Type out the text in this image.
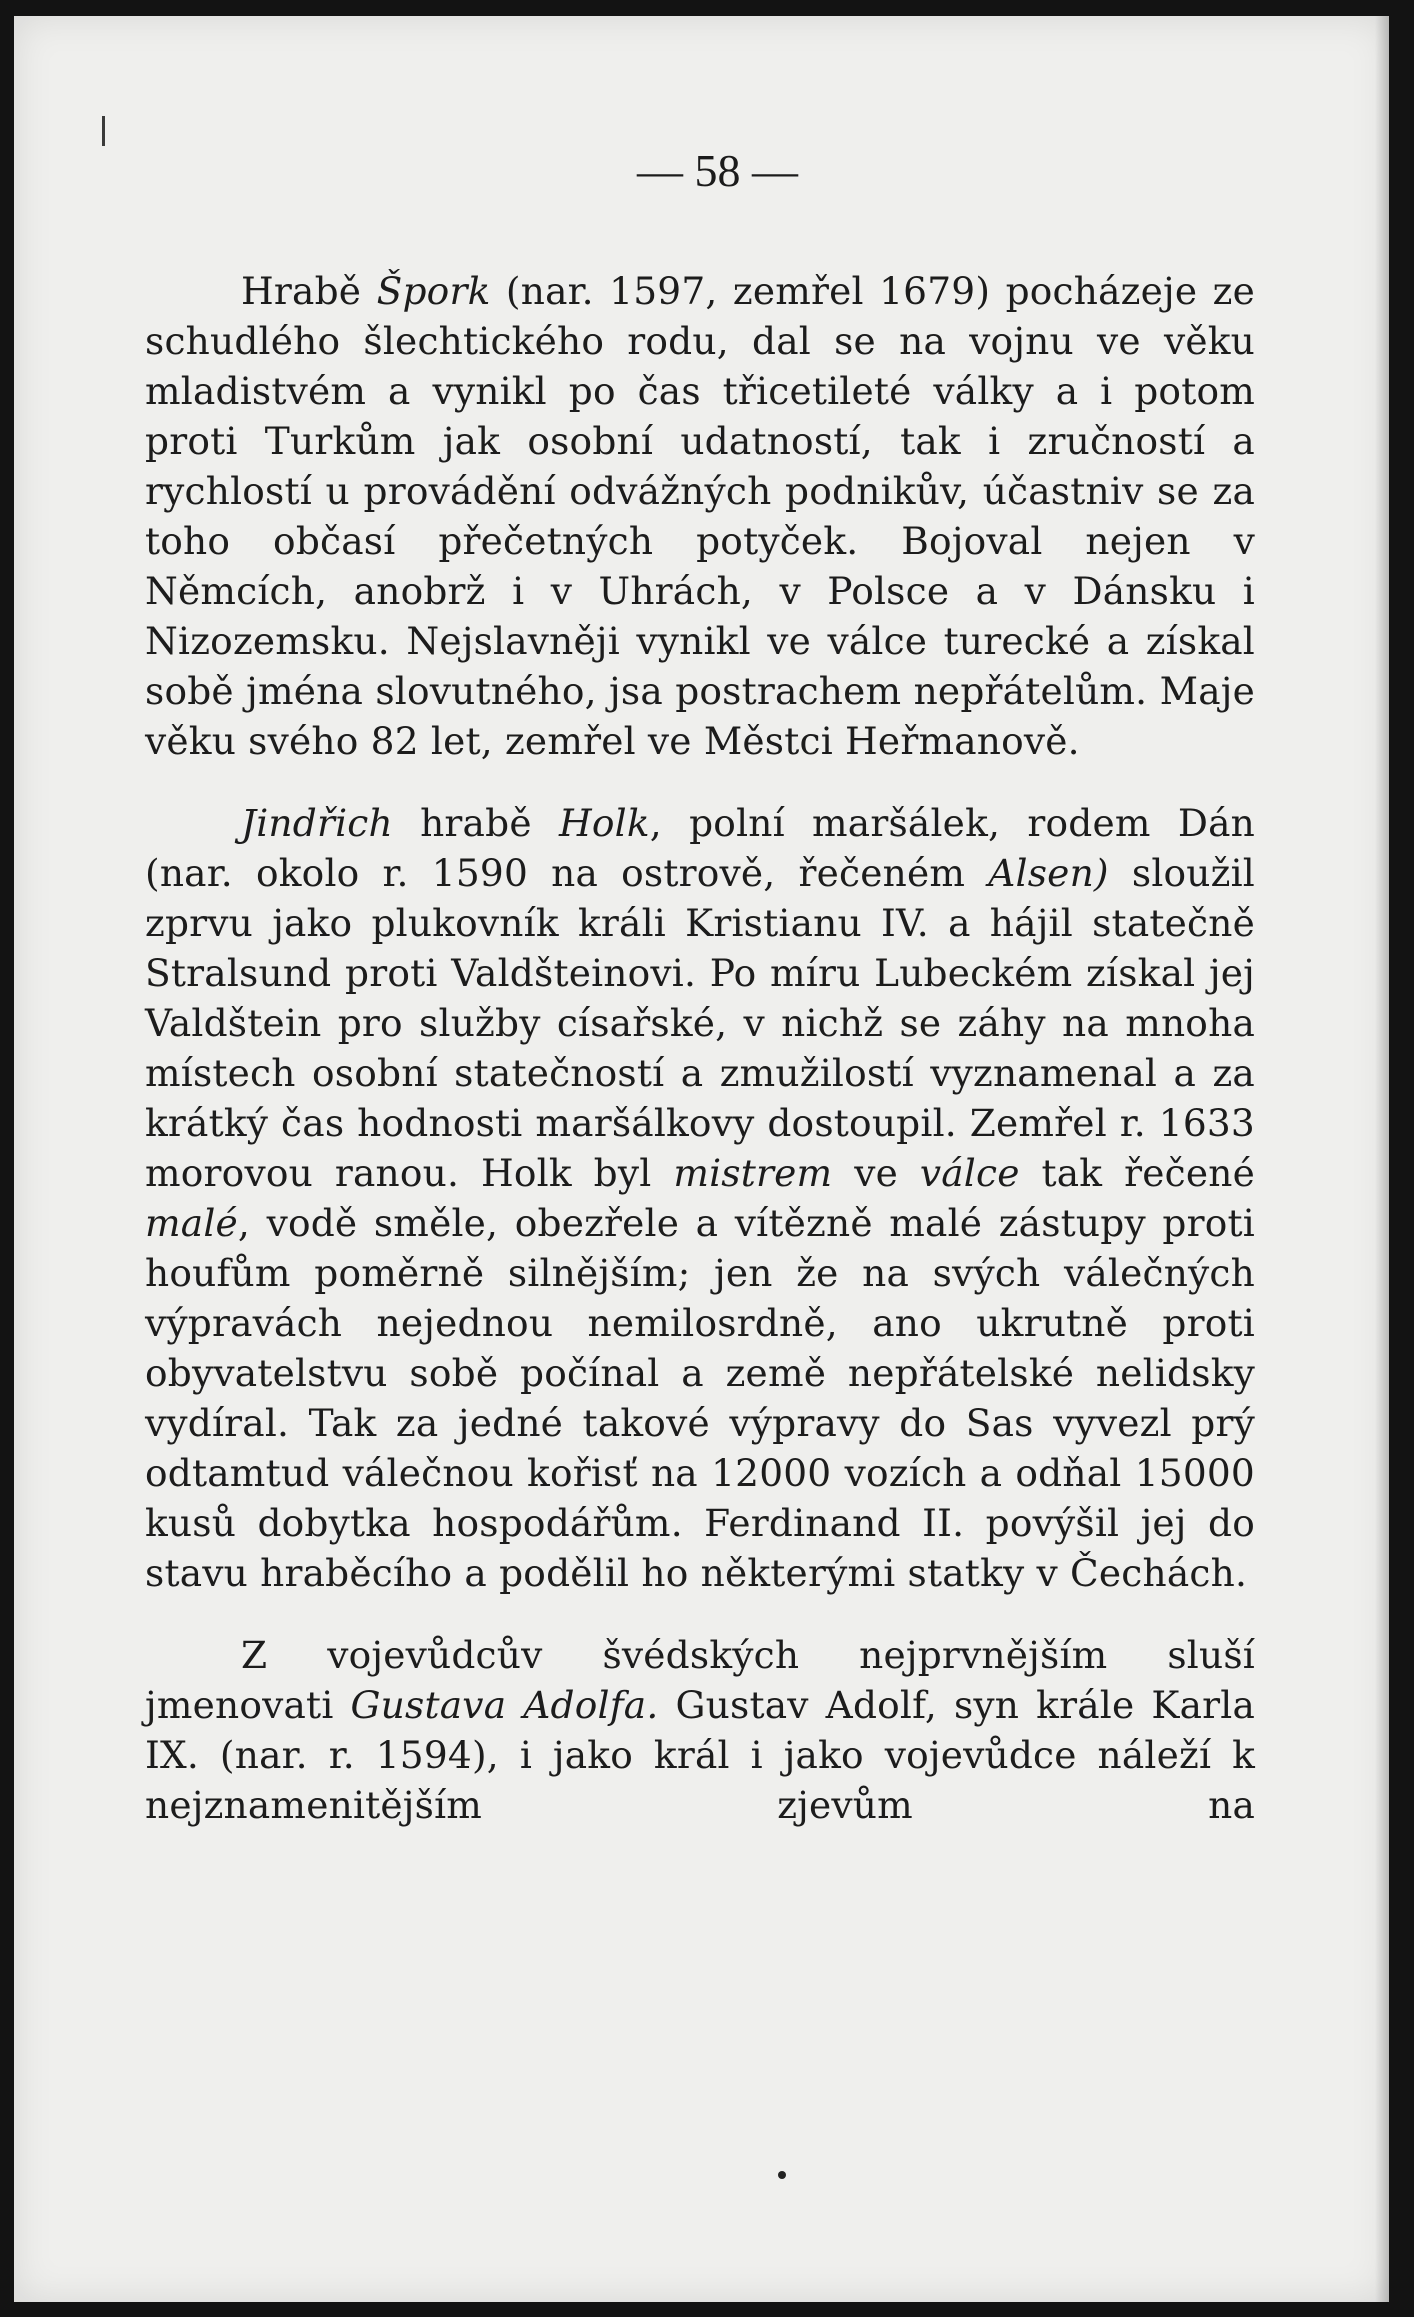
— 58 —

Hrabě Špork (nar. 1597, zemřel 1679) pocházeje ze schudlého šlechtického rodu, dal se na vojnu ve věku mladistvém a vynikl po čas třicetileté války a i potom proti Turkům jak osobní udatností, tak i zručností a rychlostí u provádění odvážných podnikův, účastniv se za toho občasí přečetných potyček. Bojoval nejen v Němcích, anobrž i v Uhrách, v Polsce a v Dánsku i Nizozemsku. Nejslavněji vynikl ve válce turecké a získal sobě jména slovutného, jsa postrachem nepřátelům. Maje věku svého 82 let, zemřel ve Městci Heřmanově.

Jindřich hrabě Holk, polní maršálek, rodem Dán (nar. okolo r. 1590 na ostrově, řečeném Alsen) sloužil zprvu jako plukovník králi Kristianu IV. a hájil statečně Stralsund proti Valdšteinovi. Po míru Lubeckém získal jej Valdštein pro služby císařské, v nichž se záhy na mnoha místech osobní statečností a zmužilostí vyznamenal a za krátký čas hodnosti maršálkovy dostoupil. Zemřel r. 1633 morovou ranou. Holk byl mistrem ve válce tak řečené malé, vodě směle, obezřele a vítězně malé zástupy proti houfům poměrně silnějším; jen že na svých válečných výpravách nejednou nemilosrdně, ano ukrutně proti obyvatelstvu sobě počínal a země nepřátelské nelidsky vydíral. Tak za jedné takové výpravy do Sas vyvezl prý odtamtud válečnou kořisť na 12000 vozích a odňal 15000 kusů dobytka hospodářům. Ferdinand II. povýšil jej do stavu hraběcího a podělil ho některými statky v Čechách.

Z vojevůdcův švédských nejprvnějším sluší jmenovati Gustava Adolfa. Gustav Adolf, syn krále Karla IX. (nar. r. 1594), i jako král i jako vojevůdce náleží k nejznamenitějším zjevům na
